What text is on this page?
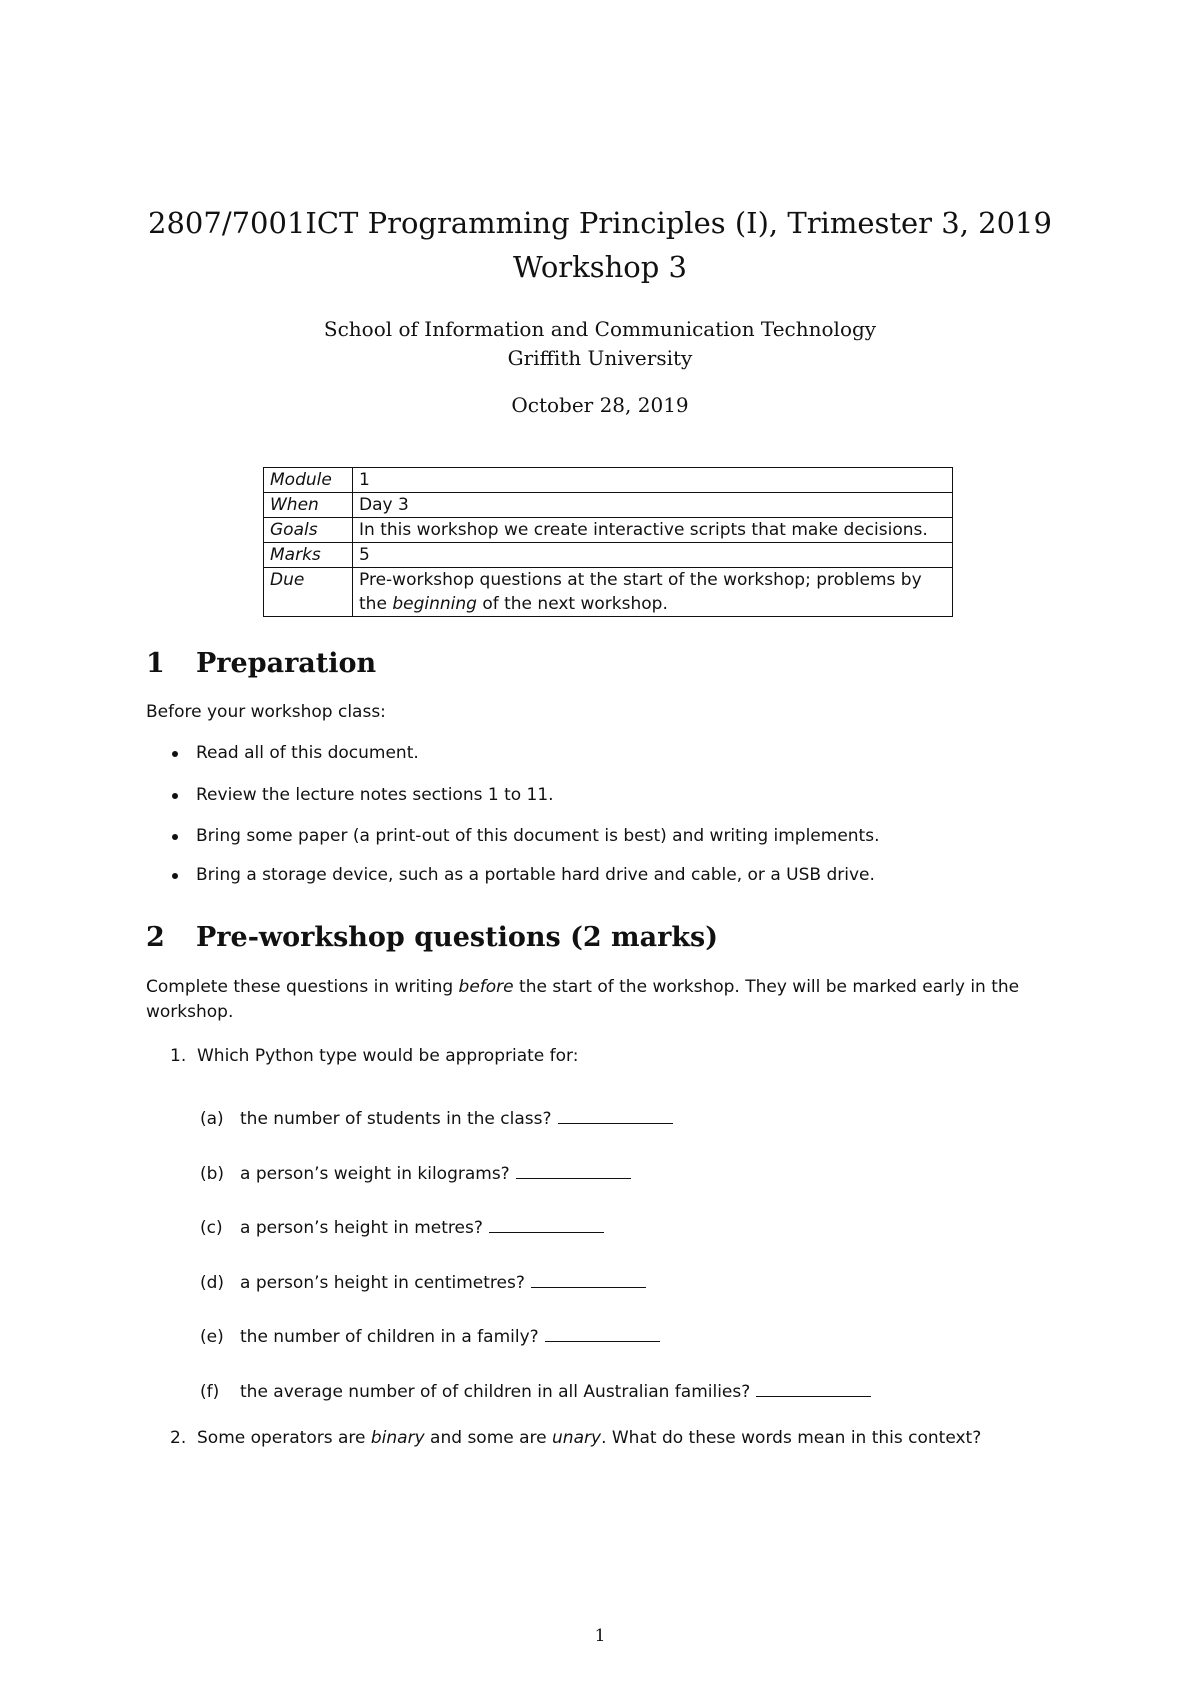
2807/7001ICT Programming Principles (I), Trimester 3, 2019
Workshop 3
School of Information and Communication Technology
Griffith University
October 28, 2019
Module	1
When	Day 3
Goals	In this workshop we create interactive scripts that make decisions.
Marks	5
Due	Pre-workshop questions at the start of the workshop; problems by the beginning of the next workshop.
1 Preparation
Before your workshop class:
Read all of this document.
Review the lecture notes sections 1 to 11.
Bring some paper (a print-out of this document is best) and writing implements.
Bring a storage device, such as a portable hard drive and cable, or a USB drive.
2 Pre-workshop questions (2 marks)
Complete these questions in writing before the start of the workshop. They will be marked early in the
workshop.
1. Which Python type would be appropriate for:
(a) the number of students in the class?
(b) a person’s weight in kilograms?
(c) a person’s height in metres?
(d) a person’s height in centimetres?
(e) the number of children in a family?
(f) the average number of of children in all Australian families?
2. Some operators are binary and some are unary. What do these words mean in this context?
1
